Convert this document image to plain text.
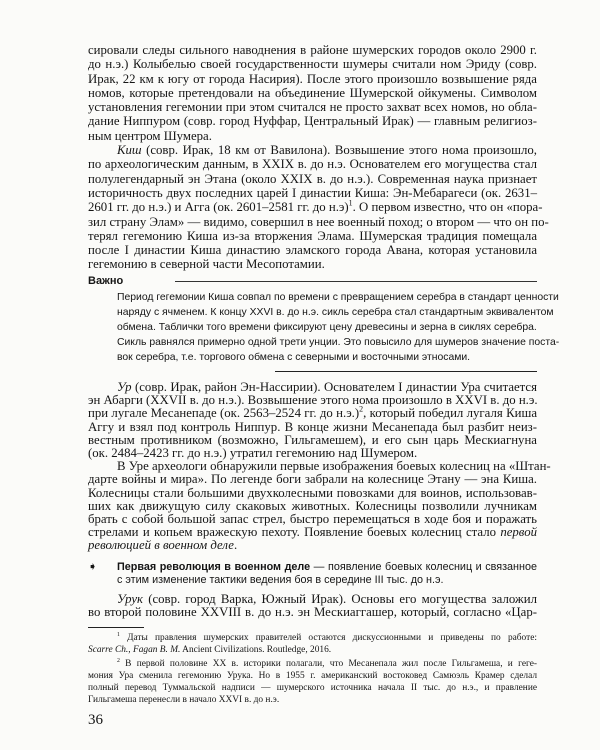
сировали следы сильного наводнения в районе шумерских городов около 2900 г.
до н.э.) Колыбелью своей государственности шумеры считали ном Эриду (совр.
Ирак, 22 км к югу от города Насирия). После этого произошло возвышение ряда
номов, которые претендовали на объединение Шумерской ойкумены. Символом
установления гегемонии при этом считался не просто захват всех номов, но обла-
дание Ниппуром (совр. город Нуффар, Центральный Ирак) — главным религиоз-
ным центром Шумера.
Киш (совр. Ирак, 18 км от Вавилона). Возвышение этого нома произошло,
по археологическим данным, в XXIX в. до н.э. Основателем его могущества стал
полулегендарный эн Этана (около XXIX в. до н.э.). Современная наука признает
историчность двух последних царей I династии Киша: Эн-Мебарагеси (ок. 2631–
2601 гг. до н.э.) и Агга (ок. 2601–2581 гг. до н.э)$^1$. О первом известно, что он «пора-
зил страну Элам» — видимо, совершил в нее военный поход; о втором — что он по-
терял гегемонию Киша из-за вторжения Элама. Шумерская традиция помещала
после I династии Киша династию эламского города Авана, которая установила
гегемонию в северной части Месопотамии.
Важно
Период гегемонии Киша совпал по времени с превращением серебра в стандарт ценности
наряду с ячменем. К концу XXVI в. до н.э. сикль серебра стал стандартным эквивалентом
обмена. Таблички того времени фиксируют цену древесины и зерна в сиклях серебра.
Сикль равнялся примерно одной трети унции. Это повысило для шумеров значение поста-
вок серебра, т.е. торгового обмена с северными и восточными этносами.
Ур (совр. Ирак, район Эн-Нассирии). Основателем I династии Ура считается
эн Абарги (XXVII в. до н.э.). Возвышение этого нома произошло в XXVI в. до н.э.
при лугале Месанепаде (ок. 2563–2524 гг. до н.э.)$^2$, который победил лугаля Киша
Аггу и взял под контроль Ниппур. В конце жизни Месанепада был разбит неиз-
вестным противником (возможно, Гильгамешем), и его сын царь Мескиагнуна
(ок. 2484–2423 гг. до н.э.) утратил гегемонию над Шумером.
В Уре археологи обнаружили первые изображения боевых колесниц на «Штан-
дарте войны и мира». По легенде боги забрали на колеснице Этану — эна Киша.
Колесницы стали большими двухколесными повозками для воинов, использовав-
ших как движущую силу скаковых животных. Колесницы позволили лучникам
брать с собой большой запас стрел, быстро перемещаться в ходе боя и поражать
стрелами и копьем вражескую пехоту. Появление боевых колесниц стало первой
революцией в военном деле.
➧ Первая революция в военном деле — появление боевых колесниц и связанное
с этим изменение тактики ведения боя в середине III тыс. до н.э.
Урук (совр. город Варка, Южный Ирак). Основы его могущества заложил
во второй половине XXVIII в. до н.э. эн Мескиаггашер, который, согласно «Цар-
$^1$ Даты правления шумерских правителей остаются дискуссионными и приведены по работе:
Scarre Ch., Fagan B. M. Ancient Civilizations. Routledge, 2016.
$^2$ В первой половине XX в. историки полагали, что Месанепала жил после Гильгамеша, и геге-
мония Ура сменила гегемонию Урука. Но в 1955 г. американский востоковед Самюэль Крамер сделал
полный перевод Туммальской надписи — шумерского источника начала II тыс. до н.э., и правление
Гильгамеша перенесли в начало XXVI в. до н.э.
36
